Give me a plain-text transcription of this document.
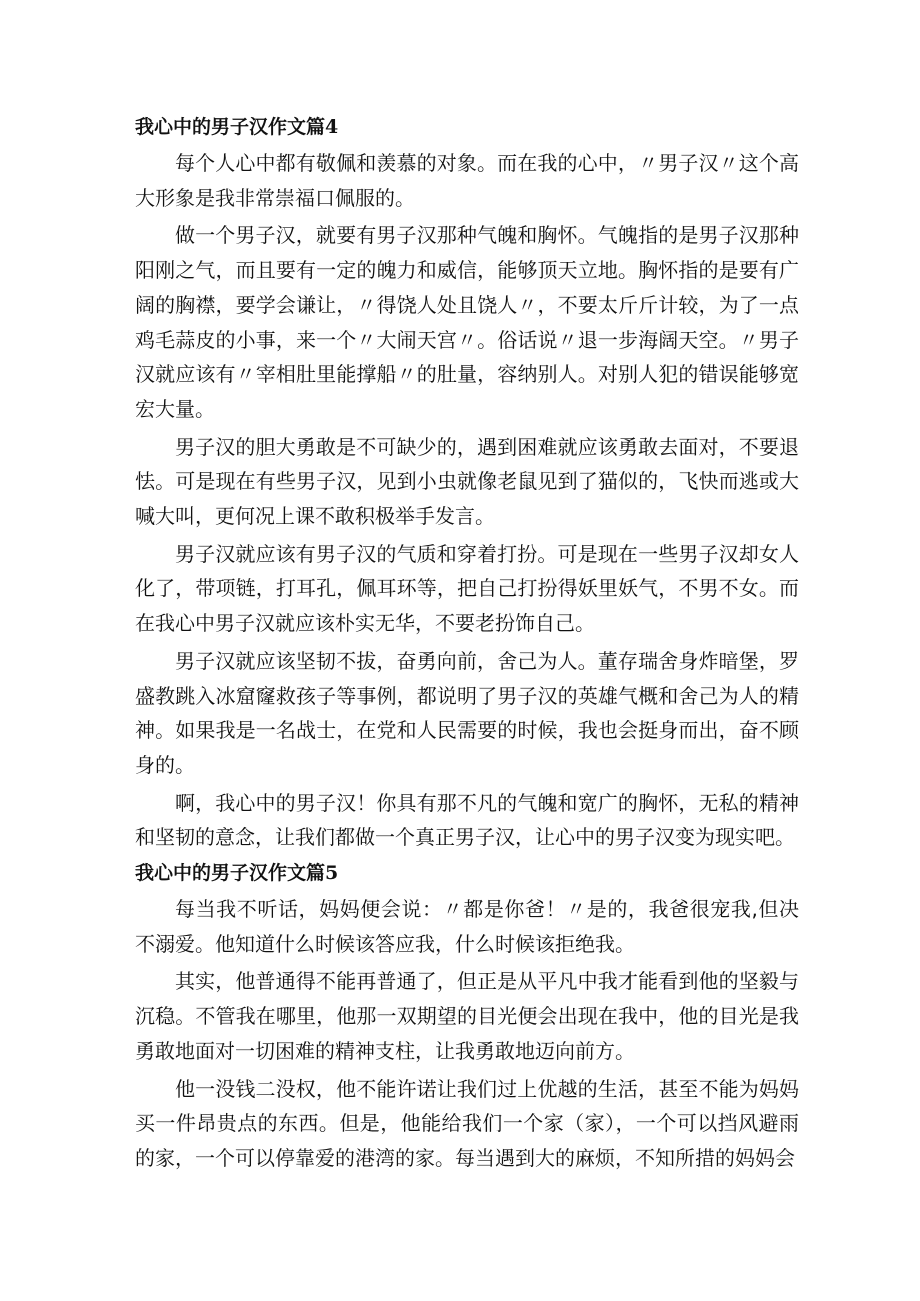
我心中的男子汉作文篇4

每个人心中都有敬佩和羡慕的对象。而在我的心中，〃男子汉〃这个高大形象是我非常崇福口佩服的。

做一个男子汉，就要有男子汉那种气魄和胸怀。气魄指的是男子汉那种阳刚之气，而且要有一定的魄力和威信，能够顶天立地。胸怀指的是要有广阔的胸襟，要学会谦让，〃得饶人处且饶人〃，不要太斤斤计较，为了一点鸡毛蒜皮的小事，来一个〃大闹天宫〃。俗话说〃退一步海阔天空。〃男子汉就应该有〃宰相肚里能撑船〃的肚量，容纳别人。对别人犯的错误能够宽宏大量。

男子汉的胆大勇敢是不可缺少的，遇到困难就应该勇敢去面对，不要退怯。可是现在有些男子汉，见到小虫就像老鼠见到了猫似的，飞快而逃或大喊大叫，更何况上课不敢积极举手发言。

男子汉就应该有男子汉的气质和穿着打扮。可是现在一些男子汉却女人化了，带项链，打耳孔，佩耳环等，把自己打扮得妖里妖气，不男不女。而在我心中男子汉就应该朴实无华，不要老扮饰自己。

男子汉就应该坚韧不拔，奋勇向前，舍己为人。董存瑞舍身炸暗堡，罗盛教跳入冰窟窿救孩子等事例，都说明了男子汉的英雄气概和舍己为人的精神。如果我是一名战士，在党和人民需要的时候，我也会挺身而出，奋不顾身的。

啊，我心中的男子汉！你具有那不凡的气魄和宽广的胸怀，无私的精神和坚韧的意念，让我们都做一个真正男子汉，让心中的男子汉变为现实吧。

我心中的男子汉作文篇5

每当我不听话，妈妈便会说：〃都是你爸！〃是的，我爸很宠我,但决不溺爱。他知道什么时候该答应我，什么时候该拒绝我。

其实，他普通得不能再普通了，但正是从平凡中我才能看到他的坚毅与沉稳。不管我在哪里，他那一双期望的目光便会出现在我中，他的目光是我勇敢地面对一切困难的精神支柱，让我勇敢地迈向前方。

他一没钱二没权，他不能许诺让我们过上优越的生活，甚至不能为妈妈买一件昂贵点的东西。但是，他能给我们一个家（家），一个可以挡风避雨的家，一个可以停靠爱的港湾的家。每当遇到大的麻烦，不知所措的妈妈会
